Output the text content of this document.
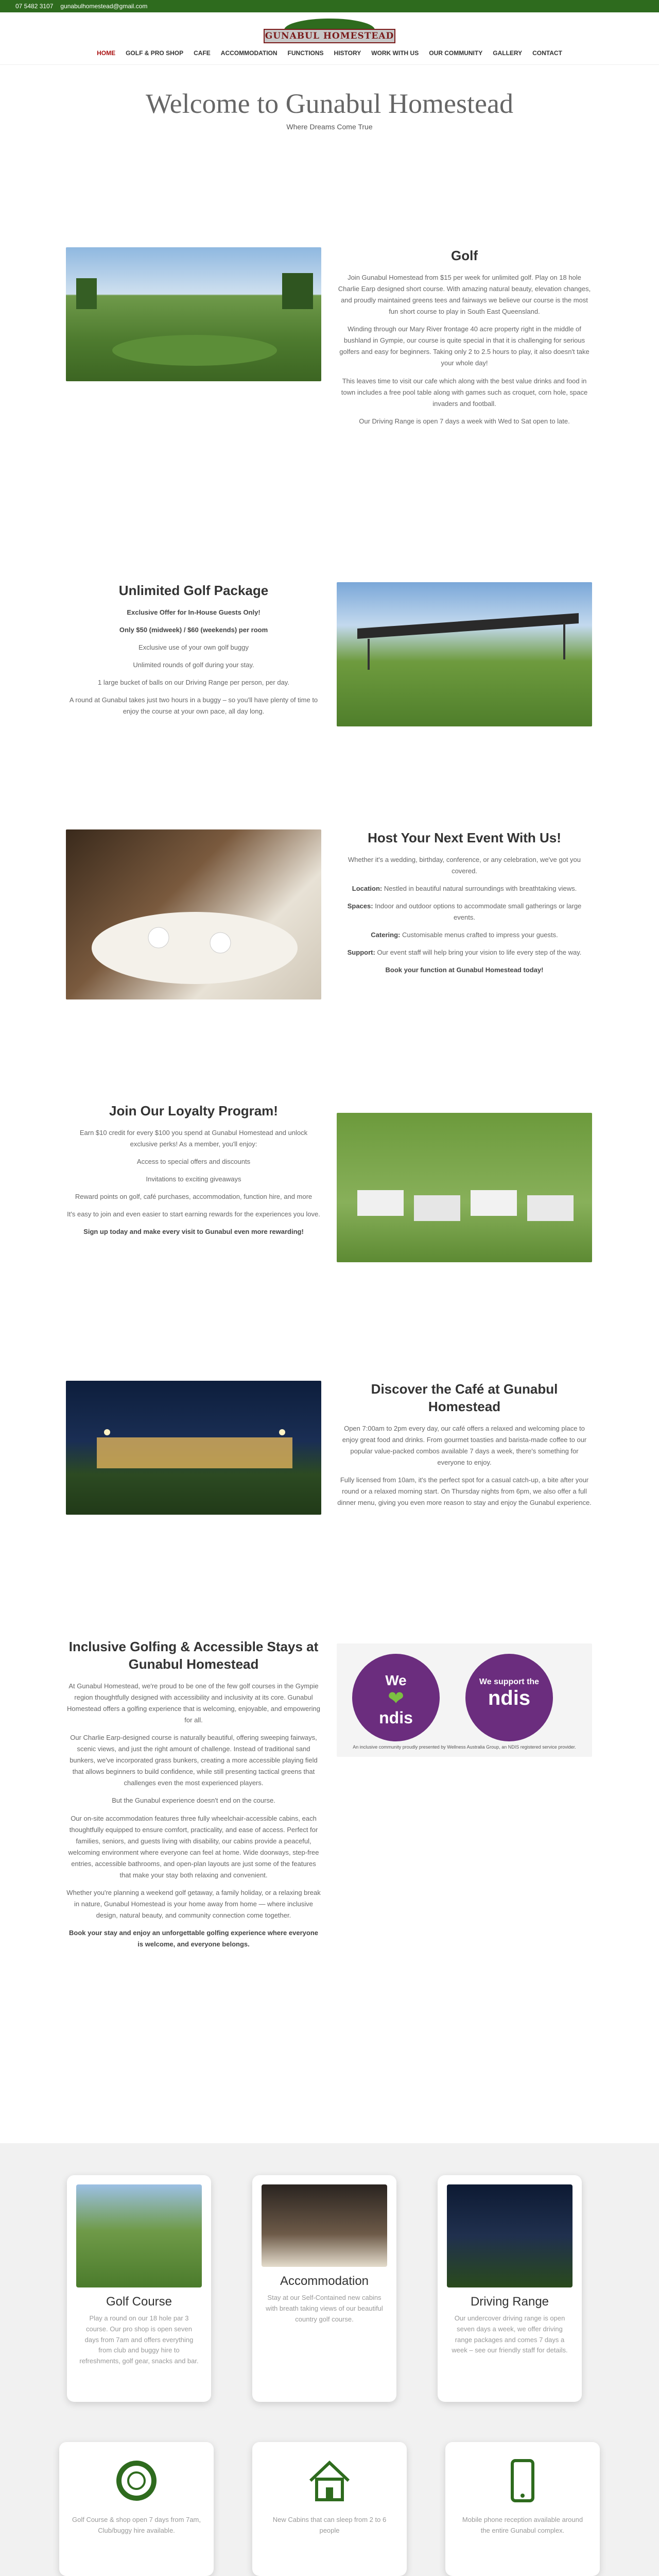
07 5482 3107 gunabulhomestead@gmail.com
GUNABUL HOMESTEAD
HOME GOLF & PRO SHOP CAFE ACCOMMODATION FUNCTIONS HISTORY WORK WITH US OUR COMMUNITY GALLERY CONTACT
Welcome to Gunabul Homestead
Where Dreams Come True
Golf

Join Gunabul Homestead from $15 per week for unlimited golf. Play on 18 hole Charlie Earp designed short course. With amazing natural beauty, elevation changes, and proudly maintained greens tees and fairways we believe our course is the most fun short course to play in South East Queensland.

Winding through our Mary River frontage 40 acre property right in the middle of bushland in Gympie, our course is quite special in that it is challenging for serious golfers and easy for beginners. Taking only 2 to 2.5 hours to play, it also doesn't take your whole day!

This leaves time to visit our cafe which along with the best value drinks and food in town includes a free pool table along with games such as croquet, corn hole, space invaders and football.

Our Driving Range is open 7 days a week with Wed to Sat open to late.

Unlimited Golf Package

Exclusive Offer for In-House Guests Only!

Only $50 (midweek) / $60 (weekends) per room

Exclusive use of your own golf buggy

Unlimited rounds of golf during your stay.

1 large bucket of balls on our Driving Range per person, per day.

A round at Gunabul takes just two hours in a buggy – so you'll have plenty of time to enjoy the course at your own pace, all day long.

Host Your Next Event With Us!

Whether it's a wedding, birthday, conference, or any celebration, we've got you covered.

Location: Nestled in beautiful natural surroundings with breathtaking views.

Spaces: Indoor and outdoor options to accommodate small gatherings or large events.

Catering: Customisable menus crafted to impress your guests.

Support: Our event staff will help bring your vision to life every step of the way.

Book your function at Gunabul Homestead today!

Join Our Loyalty Program!

Earn $10 credit for every $100 you spend at Gunabul Homestead and unlock exclusive perks! As a member, you'll enjoy:

Access to special offers and discounts

Invitations to exciting giveaways

Reward points on golf, café purchases, accommodation, function hire, and more

It's easy to join and even easier to start earning rewards for the experiences you love.

Sign up today and make every visit to Gunabul even more rewarding!

Discover the Café at Gunabul Homestead

Open 7:00am to 2pm every day, our café offers a relaxed and welcoming place to enjoy great food and drinks. From gourmet toasties and barista-made coffee to our popular value-packed combos available 7 days a week, there's something for everyone to enjoy.

Fully licensed from 10am, it's the perfect spot for a casual catch-up, a bite after your round or a relaxed morning start. On Thursday nights from 6pm, we also offer a full dinner menu, giving you even more reason to stay and enjoy the Gunabul experience.

Inclusive Golfing & Accessible Stays at Gunabul Homestead

At Gunabul Homestead, we're proud to be one of the few golf courses in the Gympie region thoughtfully designed with accessibility and inclusivity at its core. Gunabul Homestead offers a golfing experience that is welcoming, enjoyable, and empowering for all.

Our Charlie Earp-designed course is naturally beautiful, offering sweeping fairways, scenic views, and just the right amount of challenge. Instead of traditional sand bunkers, we've incorporated grass bunkers, creating a more accessible playing field that allows beginners to build confidence, while still presenting tactical greens that challenges even the most experienced players.

But the Gunabul experience doesn't end on the course.

Our on-site accommodation features three fully wheelchair-accessible cabins, each thoughtfully equipped to ensure comfort, practicality, and ease of access. Perfect for families, seniors, and guests living with disability, our cabins provide a peaceful, welcoming environment where everyone can feel at home. Wide doorways, step-free entries, accessible bathrooms, and open-plan layouts are just some of the features that make your stay both relaxing and convenient.

Whether you're planning a weekend golf getaway, a family holiday, or a relaxing break in nature, Gunabul Homestead is your home away from home — where inclusive design, natural beauty, and community connection come together.

Book your stay and enjoy an unforgettable golfing experience where everyone is welcome, and everyone belongs.

We
❤
ndis
We support the
ndis
An inclusive community proudly presented by Wellness Australia Group, an NDIS registered service provider.
Golf Course

Play a round on our 18 hole par 3 course. Our pro shop is open seven days from 7am and offers everything from club and buggy hire to refreshments, golf gear, snacks and bar.

Accommodation

Stay at our Self-Contained new cabins with breath taking views of our beautiful country golf course.

Driving Range

Our undercover driving range is open seven days a week, we offer driving range packages and comes 7 days a week – see our friendly staff for details.

Golf Course & shop open 7 days from 7am, Club/buggy hire available.

New Cabins that can sleep from 2 to 6 people

Mobile phone reception available around the entire Gunabul complex.
